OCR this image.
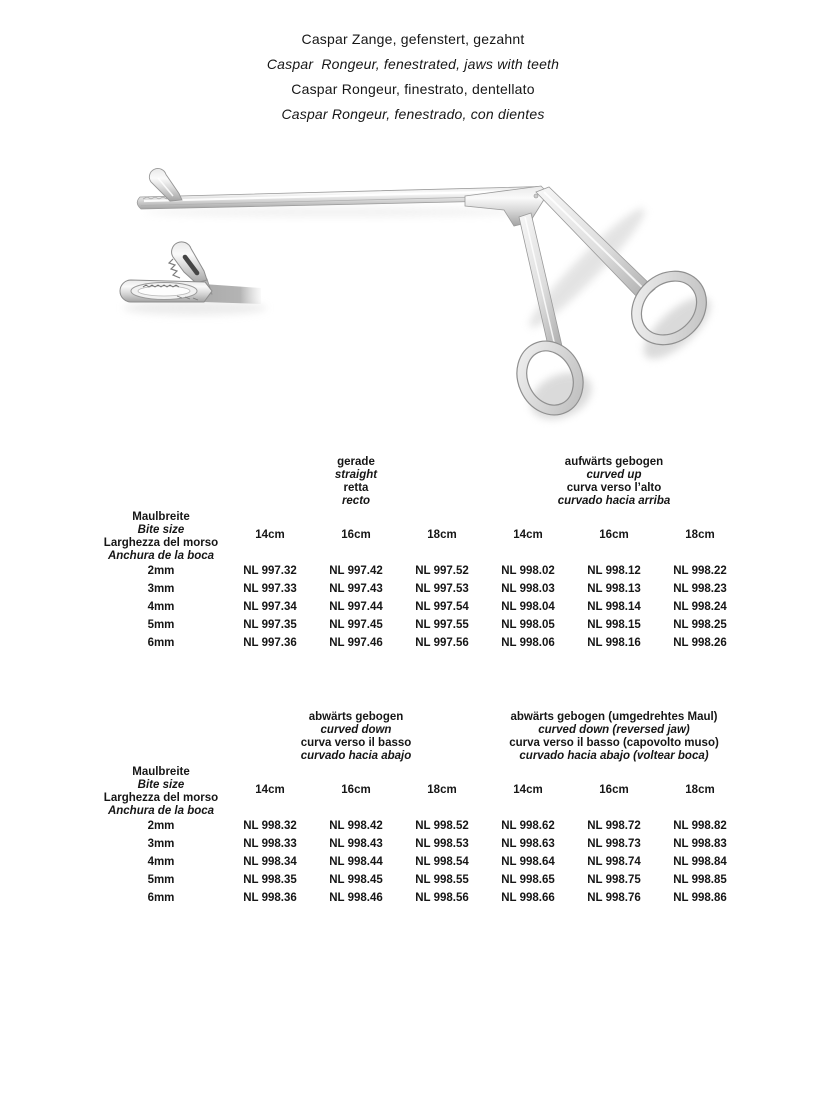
Caspar Zange, gefenstert, gezahnt
Caspar  Rongeur, fenestrated, jaws with teeth
Caspar Rongeur, finestrato, dentellato
Caspar Rongeur, fenestrado, con dientes
gerade
straight
retta
recto
aufwärts gebogen
curved up
curva verso l’alto
curvado hacia arriba
Maulbreite
Bite size
Larghezza del morso
Anchura de la boca
14cm	16cm	18cm	14cm	16cm	18cm
2mm	NL 997.32	NL 997.42	NL 997.52	NL 998.02	NL 998.12	NL 998.22
3mm	NL 997.33	NL 997.43	NL 997.53	NL 998.03	NL 998.13	NL 998.23
4mm	NL 997.34	NL 997.44	NL 997.54	NL 998.04	NL 998.14	NL 998.24
5mm	NL 997.35	NL 997.45	NL 997.55	NL 998.05	NL 998.15	NL 998.25
6mm	NL 997.36	NL 997.46	NL 997.56	NL 998.06	NL 998.16	NL 998.26
abwärts gebogen
curved down
curva verso il basso
curvado hacia abajo
abwärts gebogen (umgedrehtes Maul)
curved down (reversed jaw)
curva verso il basso (capovolto muso)
curvado hacia abajo (voltear boca)
Maulbreite
Bite size
Larghezza del morso
Anchura de la boca
14cm	16cm	18cm	14cm	16cm	18cm
2mm	NL 998.32	NL 998.42	NL 998.52	NL 998.62	NL 998.72	NL 998.82
3mm	NL 998.33	NL 998.43	NL 998.53	NL 998.63	NL 998.73	NL 998.83
4mm	NL 998.34	NL 998.44	NL 998.54	NL 998.64	NL 998.74	NL 998.84
5mm	NL 998.35	NL 998.45	NL 998.55	NL 998.65	NL 998.75	NL 998.85
6mm	NL 998.36	NL 998.46	NL 998.56	NL 998.66	NL 998.76	NL 998.86
